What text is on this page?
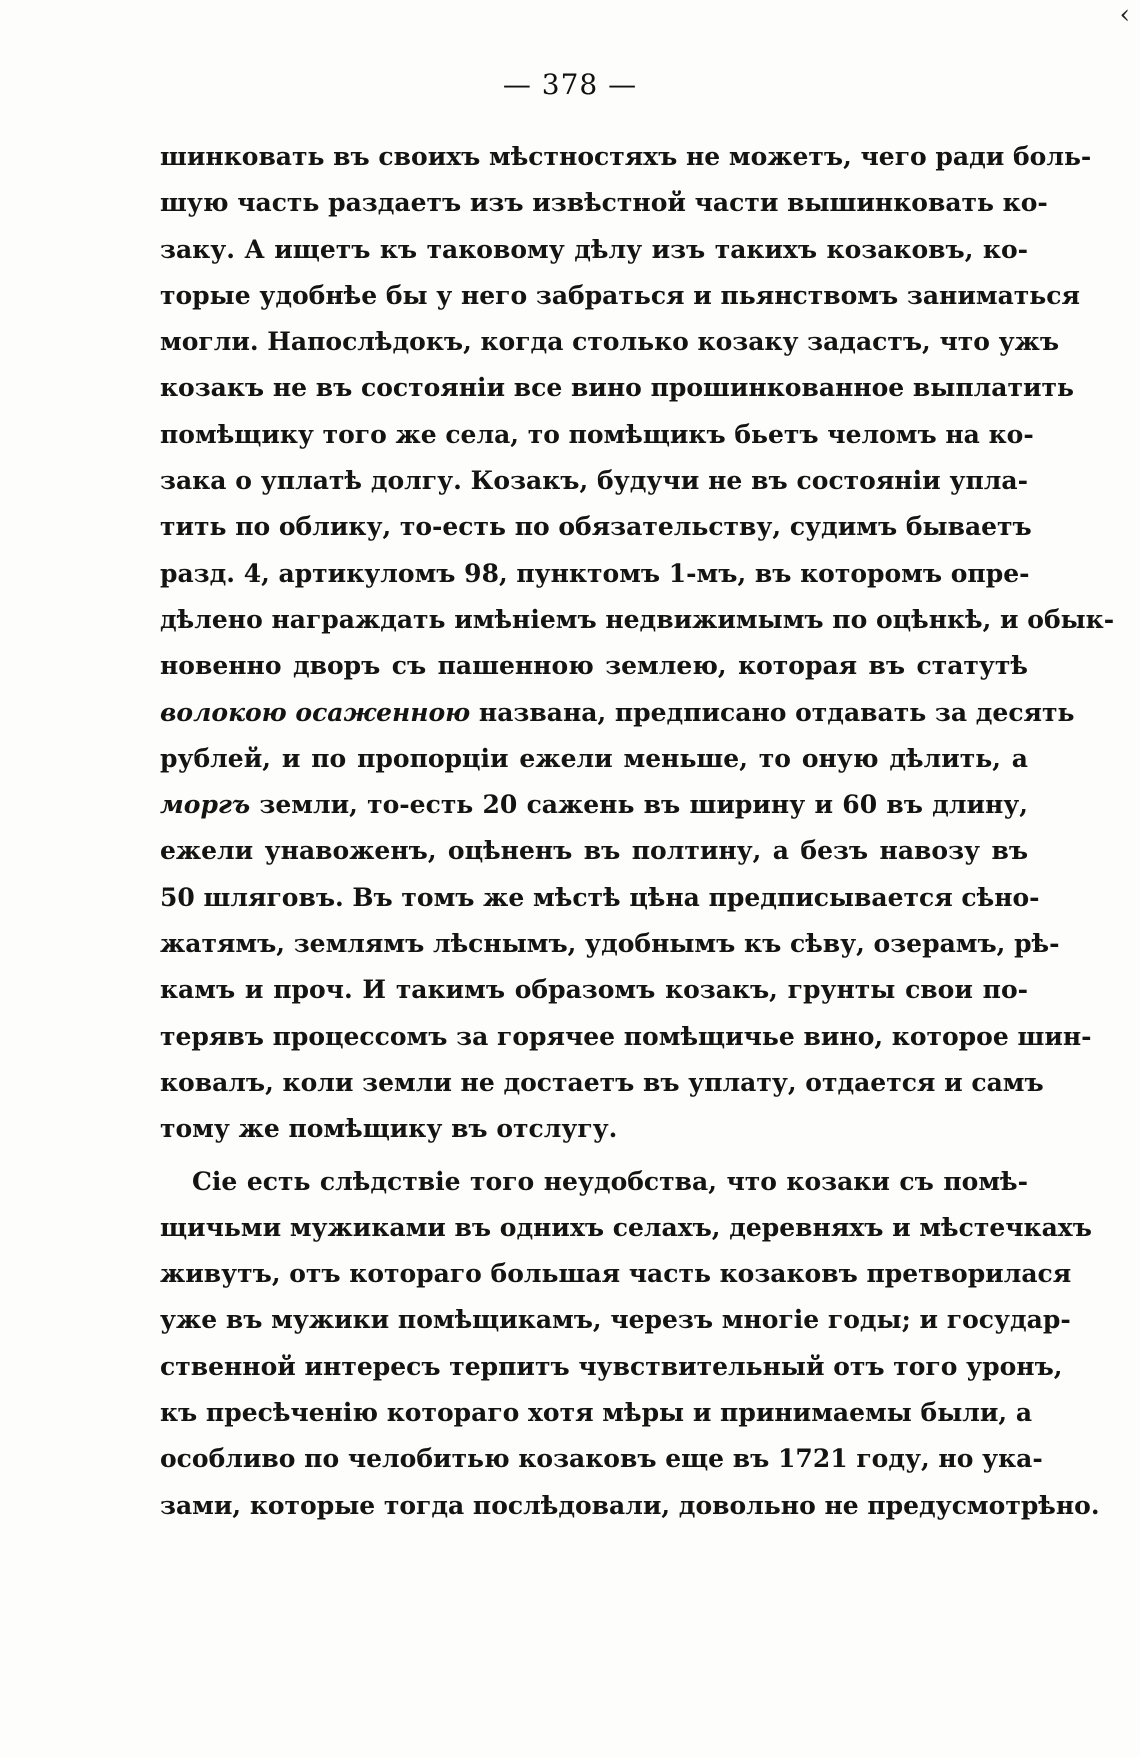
‹
— 378 —
шинковать въ своихъ мѣстностяхъ не можетъ, чего ради боль-
шую часть раздаетъ изъ извѣстной части вышинковать ко-
заку. А ищетъ къ таковому дѣлу изъ такихъ козаковъ, ко-
торые удобнѣе бы у него забраться и пьянствомъ заниматься
могли. Напослѣдокъ, когда столько козаку задастъ, что ужъ
козакъ не въ состояніи все вино прошинкованное выплатить
помѣщику того же села, то помѣщикъ бьетъ челомъ на ко-
зака о уплатѣ долгу. Козакъ, будучи не въ состояніи упла-
тить по облику, то-есть по обязательству, судимъ бываетъ
разд. 4, артикуломъ 98, пунктомъ 1-мъ, въ которомъ опре-
дѣлено награждать имѣніемъ недвижимымъ по оцѣнкѣ, и обык-
новенно дворъ съ пашенною землею, которая въ статутѣ
волокою осаженною названа, предписано отдавать за десять
рублей, и по пропорціи ежели меньше, то оную дѣлить, а
моргъ земли, то-есть 20 сажень въ ширину и 60 въ длину,
ежели унавоженъ, оцѣненъ въ полтину, а безъ навозу въ
50 шляговъ. Въ томъ же мѣстѣ цѣна предписывается сѣно-
жатямъ, землямъ лѣснымъ, удобнымъ къ сѣву, озерамъ, рѣ-
камъ и проч. И такимъ образомъ козакъ, грунты свои по-
терявъ процессомъ за горячее помѣщичье вино, которое шин-
ковалъ, коли земли не достаетъ въ уплату, отдается и самъ
тому же помѣщику въ отслугу.
Сіе есть слѣдствіе того неудобства, что козаки съ помѣ-
щичьми мужиками въ однихъ селахъ, деревняхъ и мѣстечкахъ
живутъ, отъ котораго большая часть козаковъ претворилася
уже въ мужики помѣщикамъ, черезъ многіе годы; и государ-
ственной интересъ терпитъ чувствительный отъ того уронъ,
къ пресѣченію котораго хотя мѣры и принимаемы были, а
особливо по челобитью козаковъ еще въ 1721 году, но ука-
зами, которые тогда послѣдовали, довольно не предусмотрѣно.
